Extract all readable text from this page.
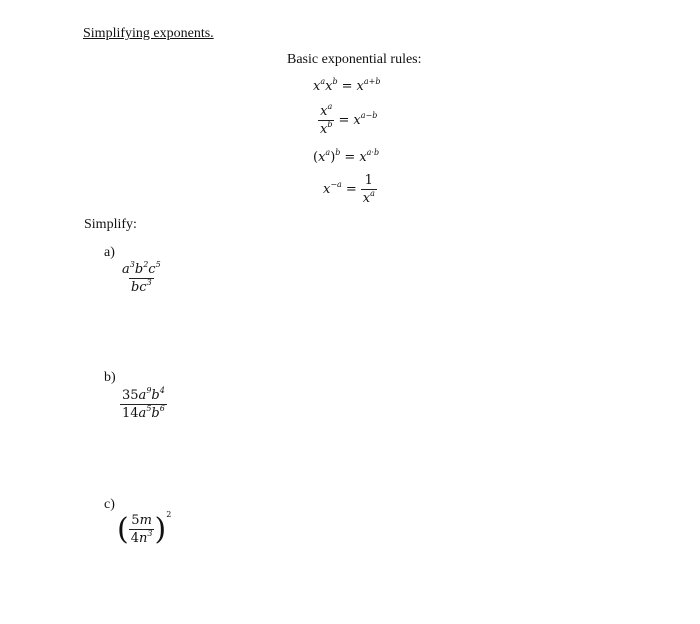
Simplifying exponents.
Basic exponential rules:
$x^ax^b = x^{a+b}$
$\frac{x^a}{x^b} = x^{a-b}$
$(x^a)^b = x^{a\cdot b}$
$x^{-a} = \frac{1}{x^a}$
Simplify:
a)
$\frac{a^3b^2c^5}{bc^3}$
b)
$\frac{35a^9b^4}{14a^5b^6}$
c)
( $\frac{5m}{4n^3} )^2$
